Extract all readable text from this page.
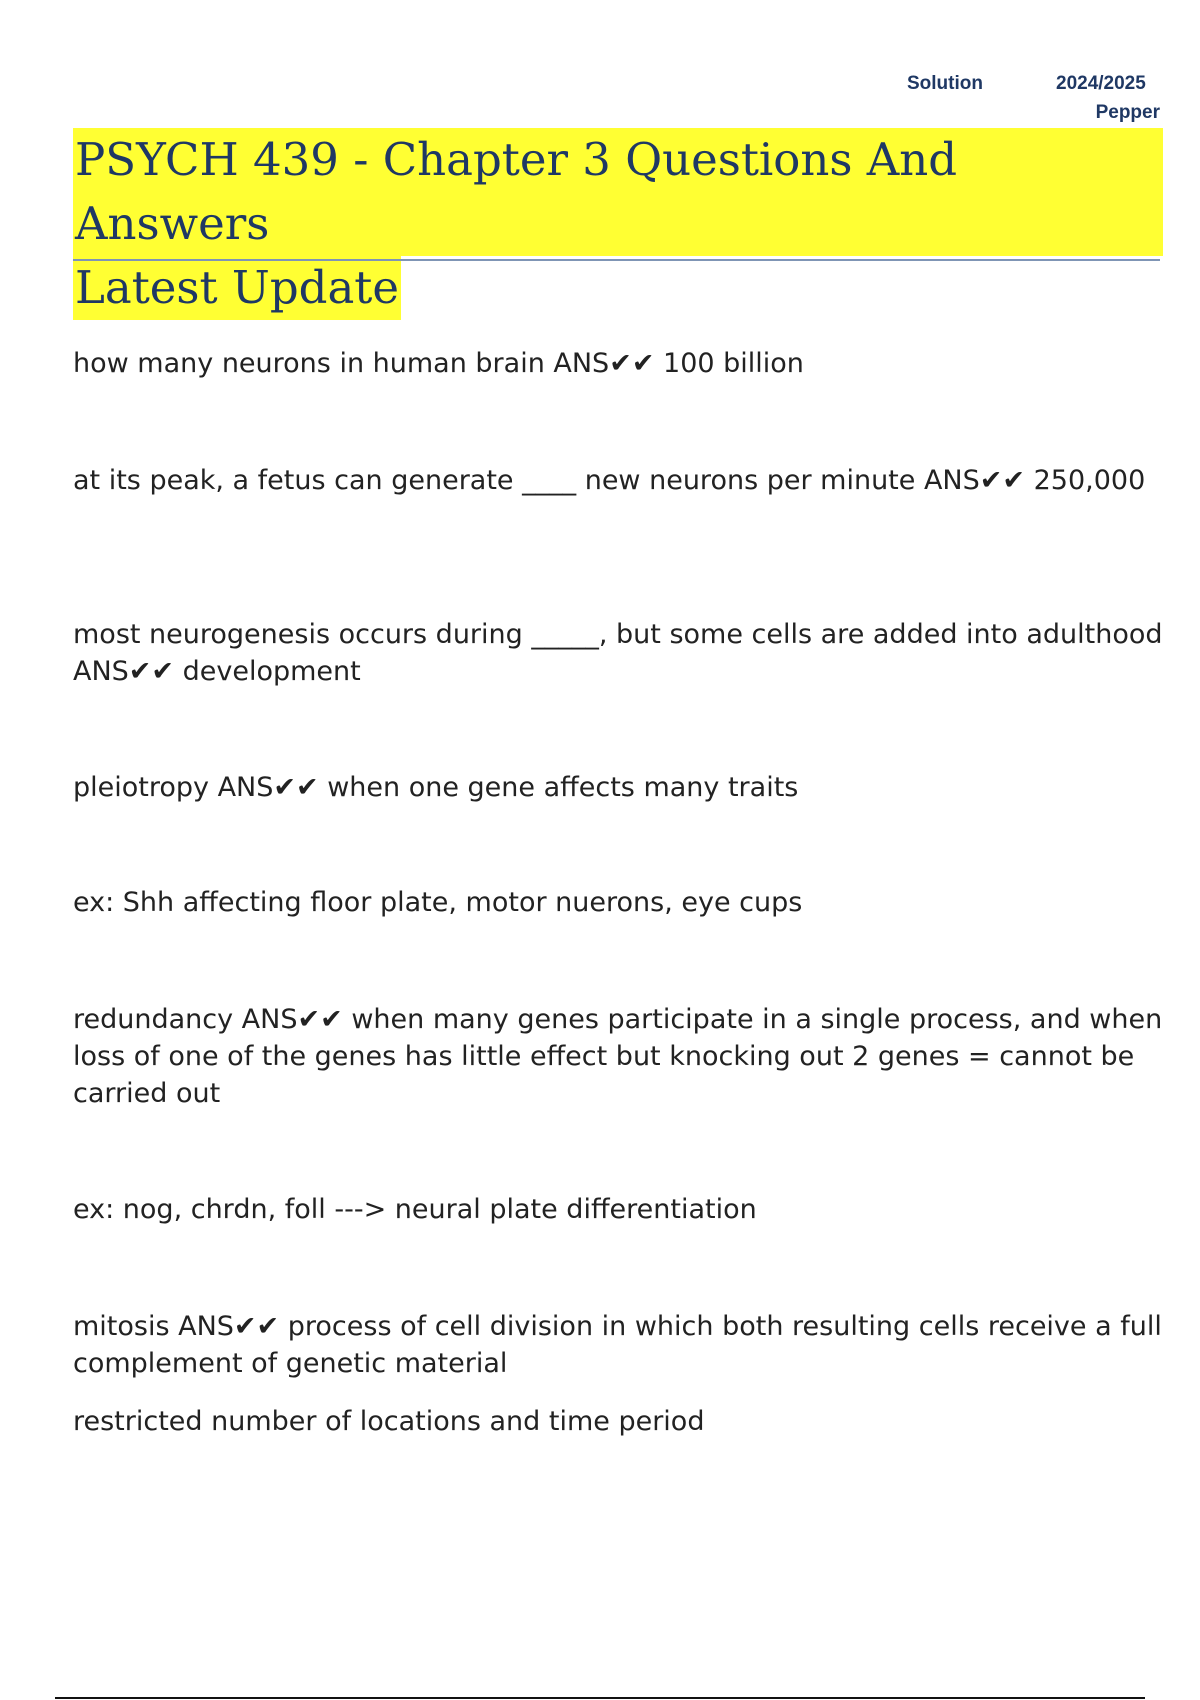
Solution	2024/2025
Pepper
PSYCH 439 - Chapter 3 Questions And Answers
Latest Update

how many neurons in human brain ANS✔✔ 100 billion

at its peak, a fetus can generate ____ new neurons per minute ANS✔✔ 250,000

most neurogenesis occurs during _____, but some cells are added into adulthood ANS✔✔ development

pleiotropy ANS✔✔ when one gene affects many traits

ex: Shh affecting floor plate, motor nuerons, eye cups

redundancy ANS✔✔ when many genes participate in a single process, and when loss of one of the genes has little effect but knocking out 2 genes = cannot be carried out

ex: nog, chrdn, foll ---> neural plate differentiation

mitosis ANS✔✔ process of cell division in which both resulting cells receive a full complement of genetic material

restricted number of locations and time period
